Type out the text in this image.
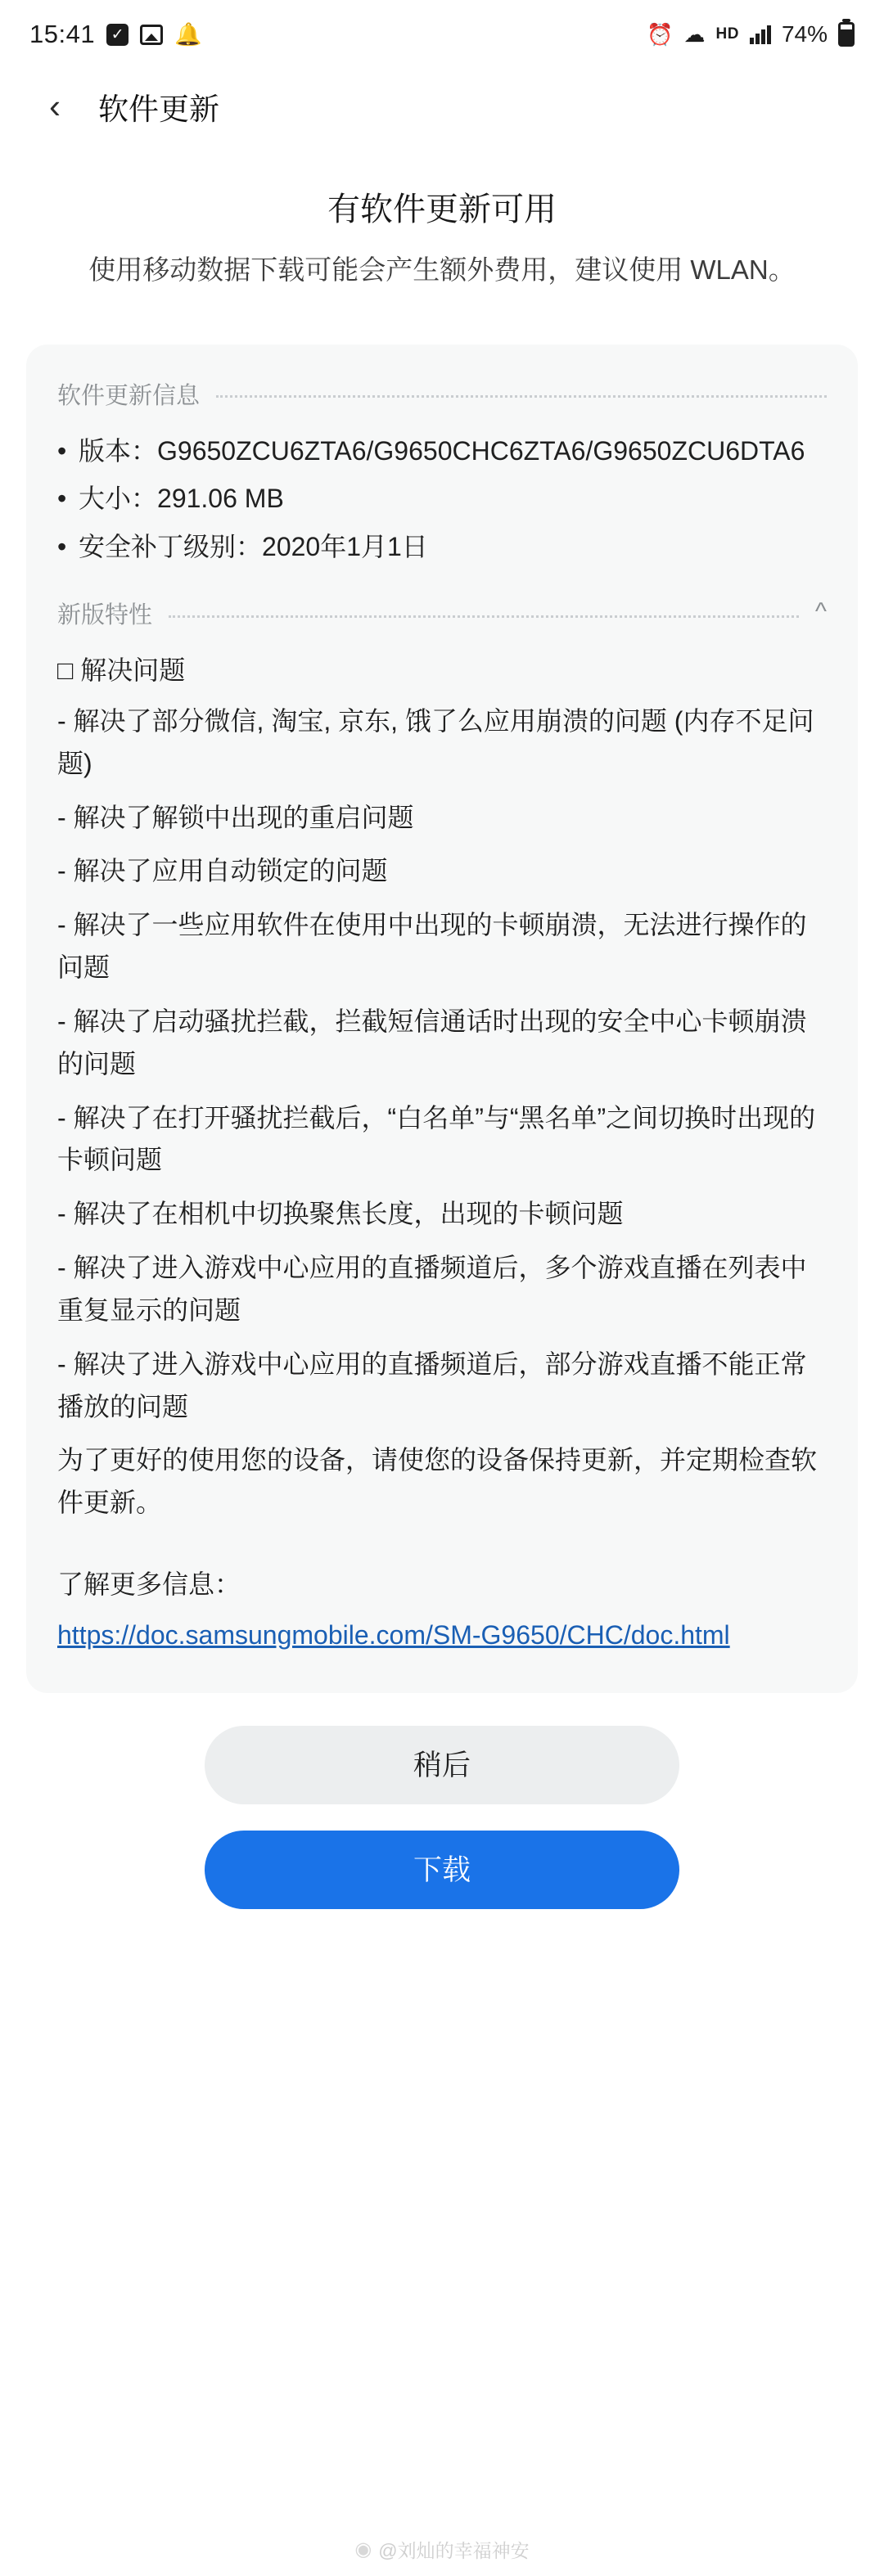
15:41 ✓ 🔔	⏰ ☁ HD 74%
‹	软件更新
有软件更新可用
使用移动数据下载可能会产生额外费用，建议使用 WLAN。
软件更新信息
• 版本：G9650ZCU6ZTA6/G9650CHC6ZTA6/G9650ZCU6DTA6
• 大小：291.06 MB
• 安全补丁级别：2020年1月1日
新版特性	^

□ 解决问题

- 解决了部分微信, 淘宝, 京东, 饿了么应用崩溃的问题 (内存不足问题)

- 解决了解锁中出现的重启问题

- 解决了应用自动锁定的问题

- 解决了一些应用软件在使用中出现的卡顿崩溃，无法进行操作的问题

- 解决了启动骚扰拦截，拦截短信通话时出现的安全中心卡顿崩溃的问题

- 解决了在打开骚扰拦截后，“白名单”与“黑名单”之间切换时出现的卡顿问题

- 解决了在相机中切换聚焦长度，出现的卡顿问题

- 解决了进入游戏中心应用的直播频道后，多个游戏直播在列表中重复显示的问题

- 解决了进入游戏中心应用的直播频道后，部分游戏直播不能正常播放的问题

为了更好的使用您的设备，请使您的设备保持更新，并定期检查软件更新。

了解更多信息：

https://doc.samsungmobile.com/SM-G9650/CHC/doc.html
稍后
下载
◉ @刘灿的幸福神安
